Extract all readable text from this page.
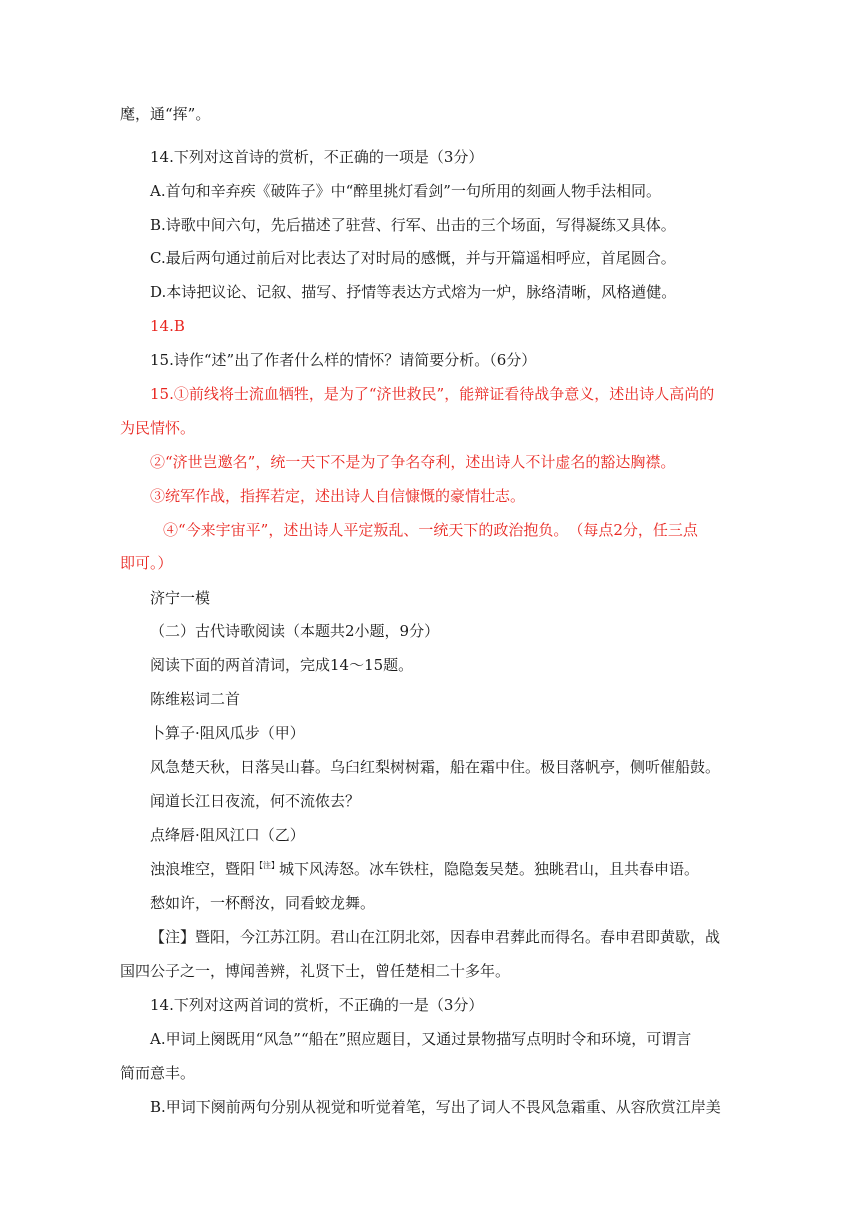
麾，通“挥”。
14.下列对这首诗的赏析，不正确的一项是（3分）
A.首句和辛弃疾《破阵子》中“醉里挑灯看剑”一句所用的刻画人物手法相同。
B.诗歌中间六句，先后描述了驻营、行军、出击的三个场面，写得凝练又具体。
C.最后两句通过前后对比表达了对时局的感慨，并与开篇遥相呼应，首尾圆合。
D.本诗把议论、记叙、描写、抒情等表达方式熔为一炉，脉络清晰，风格遒健。
14.B
15.诗作“述”出了作者什么样的情怀？请简要分析。（6分）
15.①前线将士流血牺牲，是为了“济世救民”，能辩证看待战争意义，述出诗人高尚的
为民情怀。
②“济世岂邀名”，统一天下不是为了争名夺利，述出诗人不计虚名的豁达胸襟。
③统军作战，指挥若定，述出诗人自信慷慨的豪情壮志。
④“今来宇宙平”，述出诗人平定叛乱、一统天下的政治抱负。　（每点2分，任三点
即可。）
济宁一模
（二）古代诗歌阅读（本题共2小题，9分）
阅读下面的两首清词，完成14～15题。
陈维崧词二首
卜算子·阻风瓜步（甲）
风急楚天秋，日落吴山暮。乌臼红梨树树霜，船在霜中住。极目落帆亭，侧听催船鼓。
闻道长江日夜流，何不流侬去？
点绛唇·阻风江口（乙）
浊浪堆空，暨阳$^{【注】}$城下风涛怒。冰车铁柱，隐隐轰吴楚。独眺君山，且共春申语。
愁如许，一杯酹汝，同看蛟龙舞。
【注】暨阳，今江苏江阴。君山在江阴北郊，因春申君葬此而得名。春申君即黄歇，战
国四公子之一，博闻善辨，礼贤下士，曾任楚相二十多年。
14.下列对这两首词的赏析，不正确的一是（3分）
A.甲词上阕既用“风急”“船在”照应题目，又通过景物描写点明时令和环境，可谓言
简而意丰。
B.甲词下阕前两句分别从视觉和听觉着笔，写出了词人不畏风急霜重、从容欣赏江岸美
